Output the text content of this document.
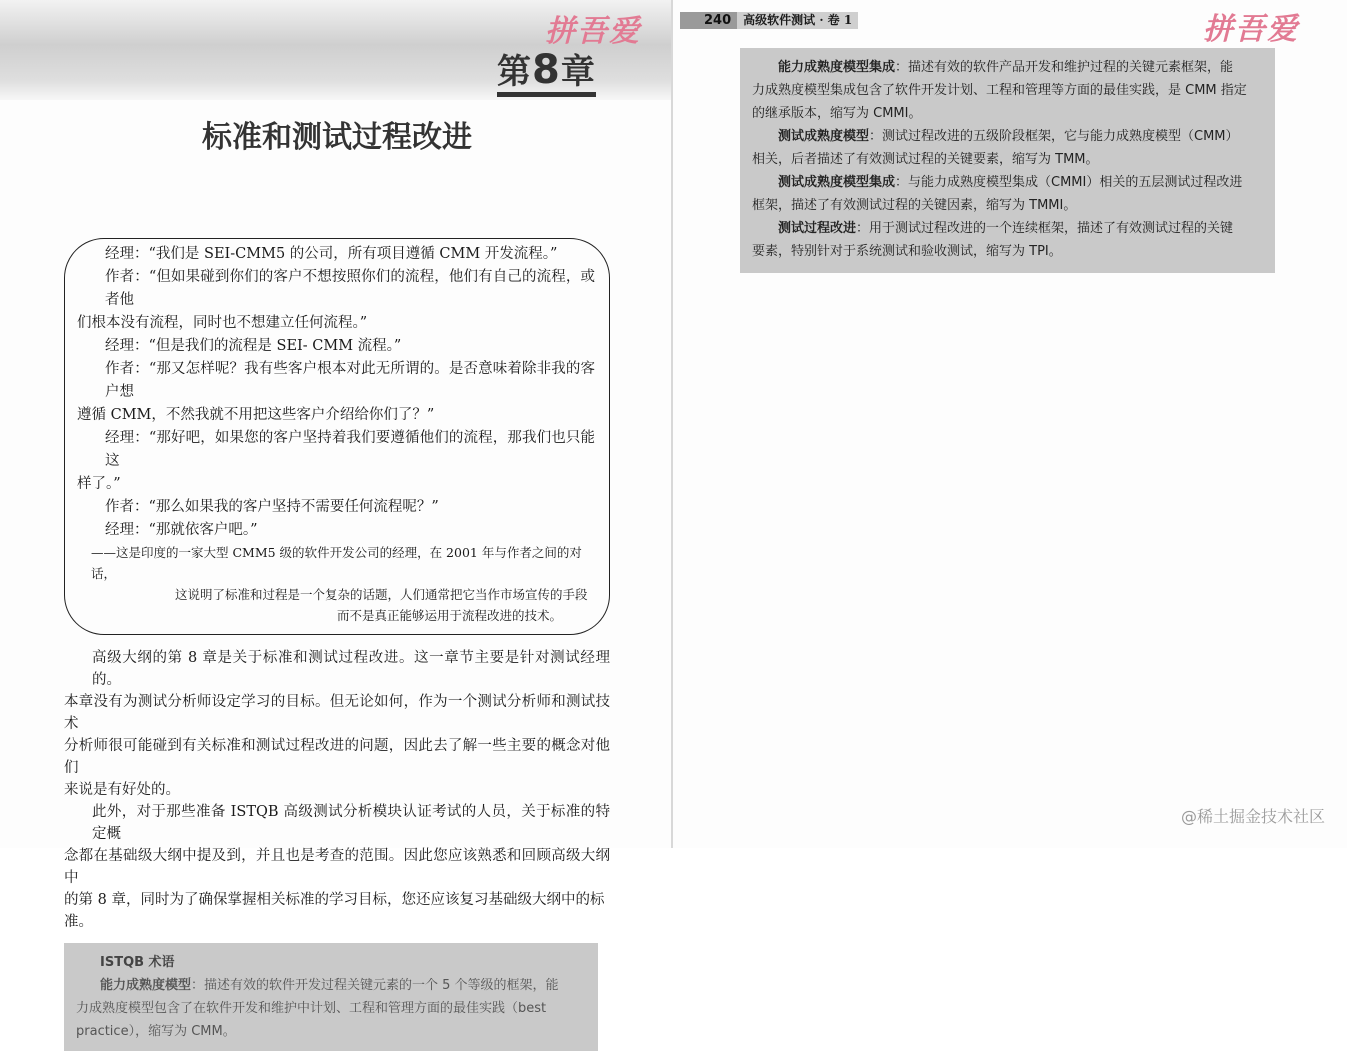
拼吾爱
第8章
标准和测试过程改进
经理：“我们是 SEI-CMM5 的公司，所有项目遵循 CMM 开发流程。”
作者：“但如果碰到你们的客户不想按照你们的流程，他们有自己的流程，或者他
们根本没有流程，同时也不想建立任何流程。”
经理：“但是我们的流程是 SEI- CMM 流程。”
作者：“那又怎样呢？我有些客户根本对此无所谓的。是否意味着除非我的客户想
遵循 CMM，不然我就不用把这些客户介绍给你们了？”
经理：“那好吧，如果您的客户坚持着我们要遵循他们的流程，那我们也只能这
样了。”
作者：“那么如果我的客户坚持不需要任何流程呢？”
经理：“那就依客户吧。”
——这是印度的一家大型 CMM5 级的软件开发公司的经理，在 2001 年与作者之间的对话，
这说明了标准和过程是一个复杂的话题，人们通常把它当作市场宣传的手段
而不是真正能够运用于流程改进的技术。
高级大纲的第 8 章是关于标准和测试过程改进。这一章节主要是针对测试经理的。
本章没有为测试分析师设定学习的目标。但无论如何，作为一个测试分析师和测试技术
分析师很可能碰到有关标准和测试过程改进的问题，因此去了解一些主要的概念对他们
来说是有好处的。
此外，对于那些准备 ISTQB 高级测试分析模块认证考试的人员，关于标准的特定概
念都在基础级大纲中提及到，并且也是考查的范围。因此您应该熟悉和回顾高级大纲中
的第 8 章，同时为了确保掌握相关标准的学习目标，您还应该复习基础级大纲中的标准。
ISTQB 术语
能力成熟度模型：描述有效的软件开发过程关键元素的一个 5 个等级的框架，能
力成熟度模型包含了在软件开发和维护中计划、工程和管理方面的最佳实践（best
practice），缩写为 CMM。
拼吾爱
240	高级软件测试 · 卷 1
能力成熟度模型集成：描述有效的软件产品开发和维护过程的关键元素框架，能
力成熟度模型集成包含了软件开发计划、工程和管理等方面的最佳实践，是 CMM 指定
的继承版本，缩写为 CMMI。
测试成熟度模型：测试过程改进的五级阶段框架，它与能力成熟度模型（CMM）
相关，后者描述了有效测试过程的关键要素，缩写为 TMM。
测试成熟度模型集成：与能力成熟度模型集成（CMMI）相关的五层测试过程改进
框架，描述了有效测试过程的关键因素，缩写为 TMMI。
测试过程改进：用于测试过程改进的一个连续框架，描述了有效测试过程的关键
要素，特别针对于系统测试和验收测试，缩写为 TPI。
@稀土掘金技术社区
